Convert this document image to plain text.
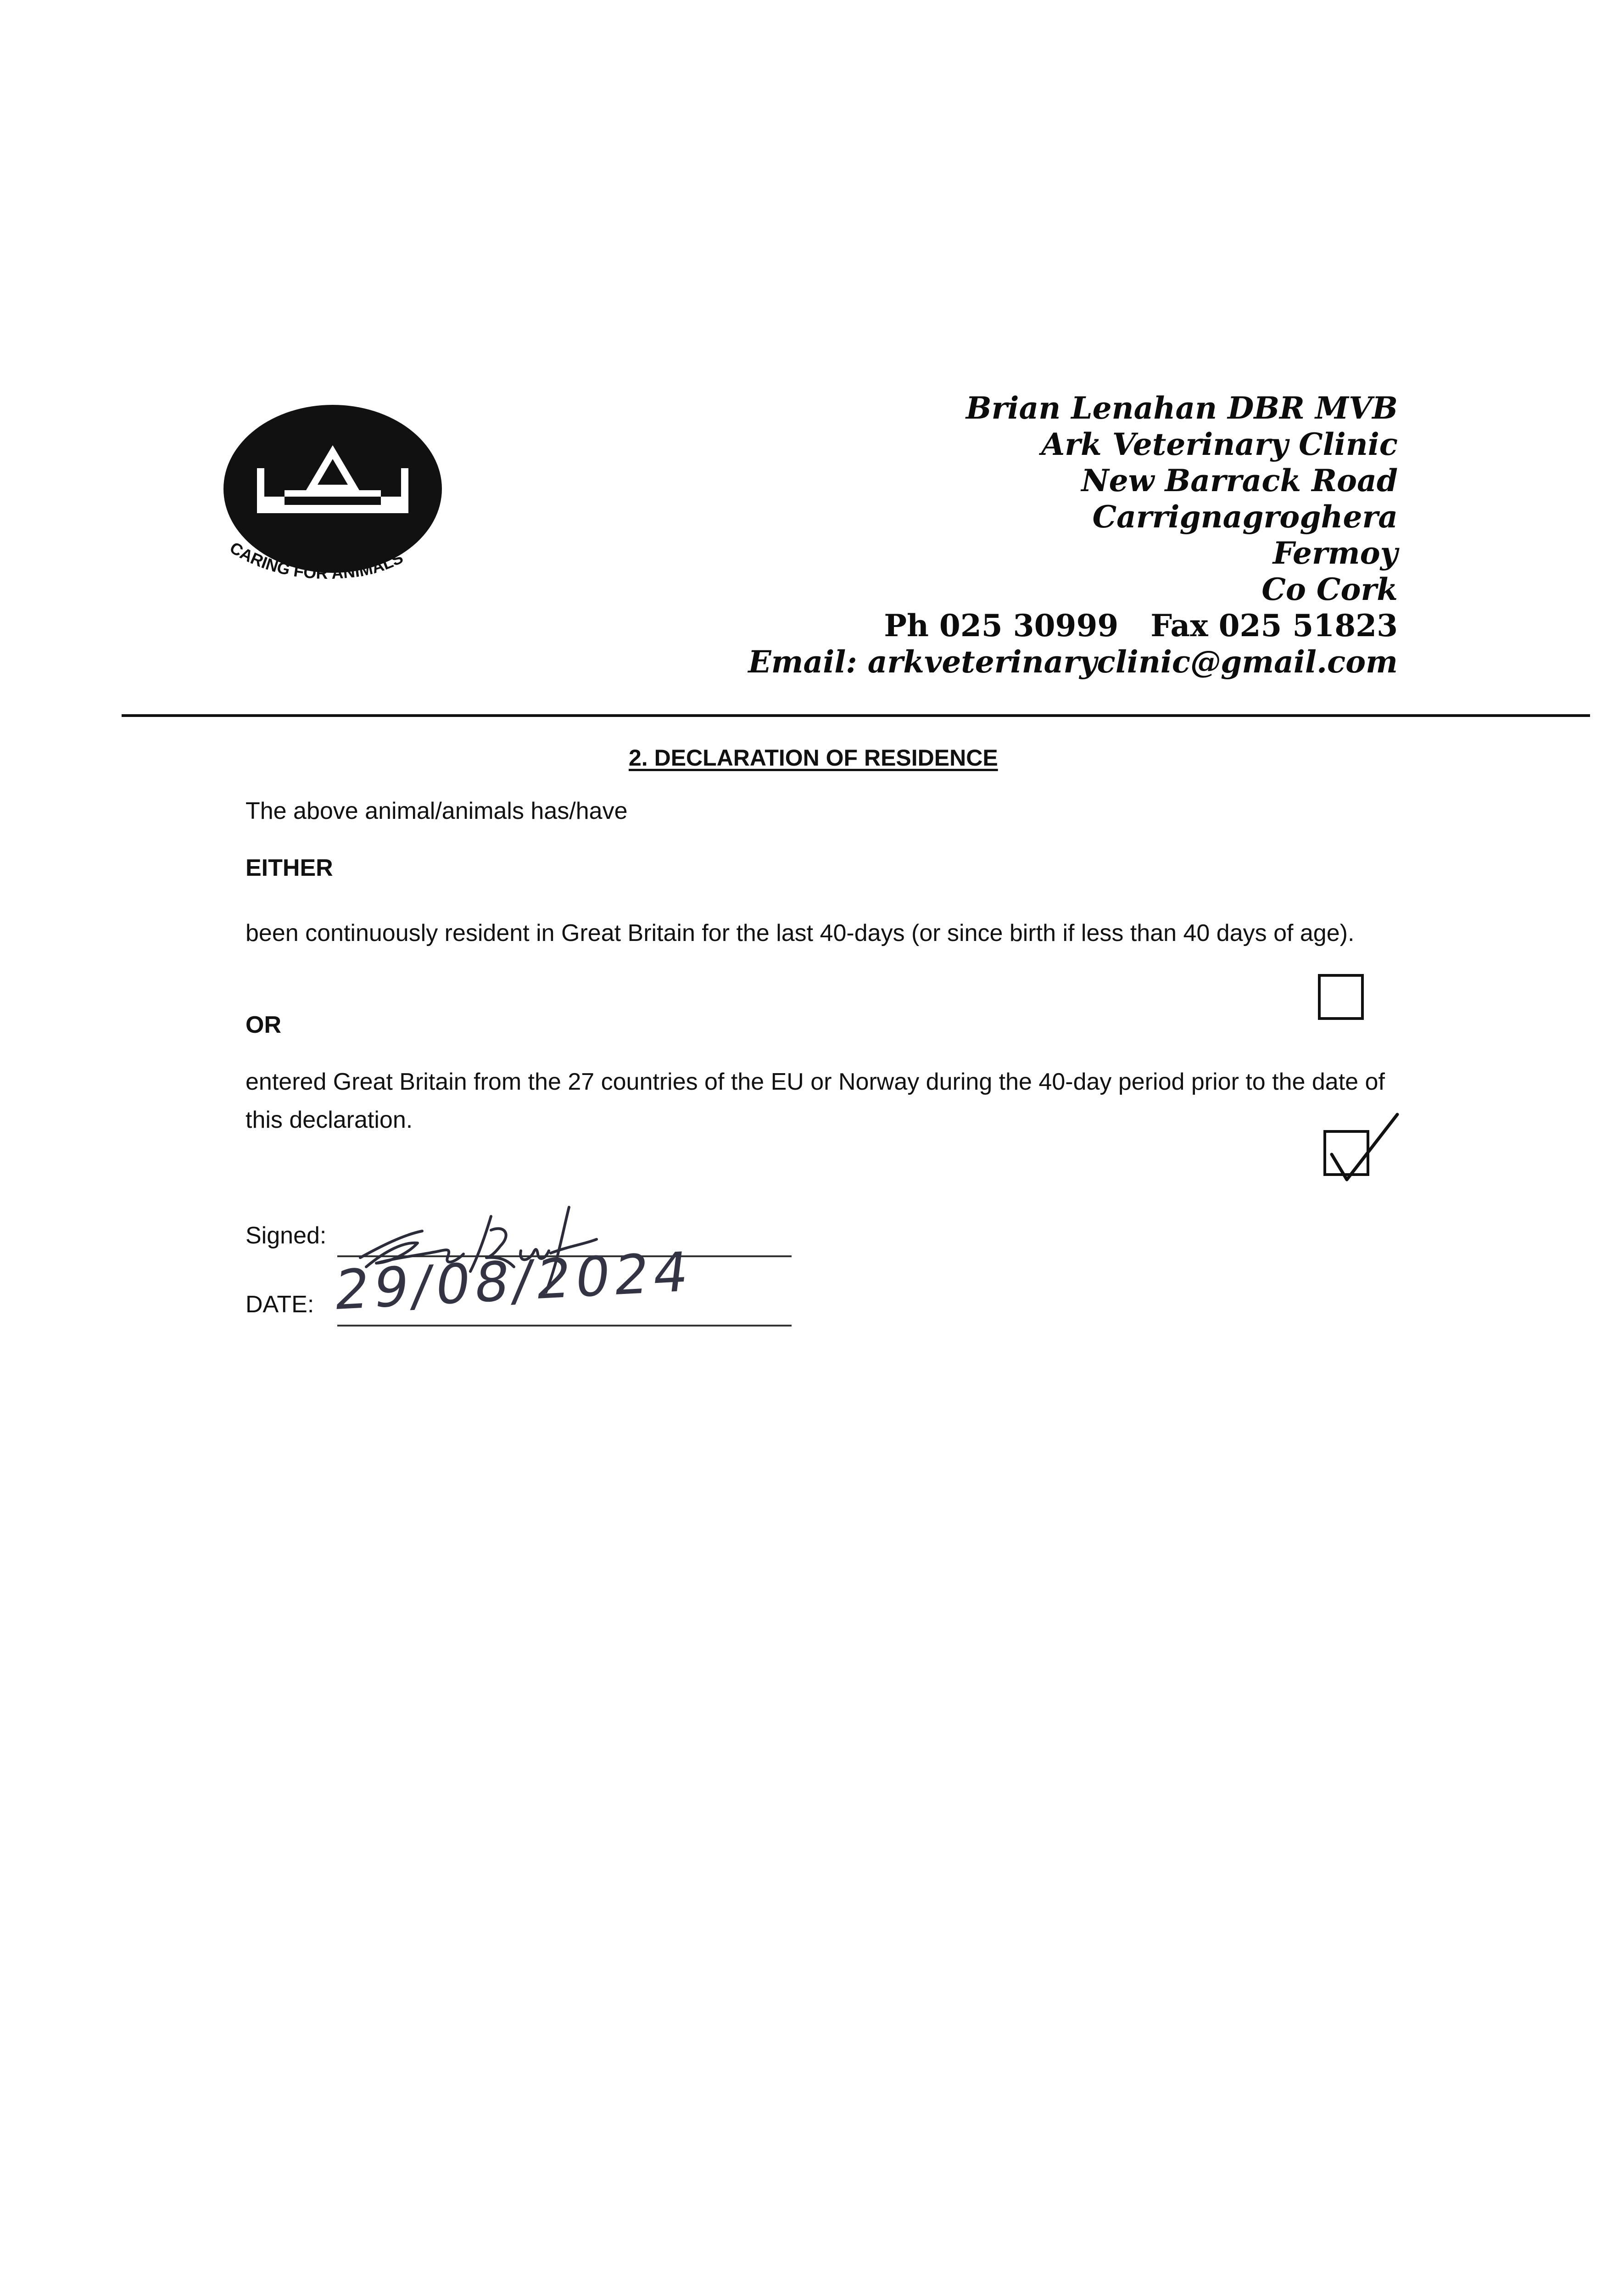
CARING FOR ANIMALS
Brian Lenahan DBR MVB
Ark Veterinary Clinic
New Barrack Road
Carrignagroghera
Fermoy
Co Cork
Ph 025 30999 Fax 025 51823
Email: arkveterinaryclinic@gmail.com
2. DECLARATION OF RESIDENCE
The above animal/animals has/have
EITHER
been continuously resident in Great Britain for the last 40-days (or since birth if less than 40 days of age).
OR
entered Great Britain from the 27 countries of the EU or Norway during the 40-day period prior to the date of this declaration.
Signed:
DATE: 29/08/2024
